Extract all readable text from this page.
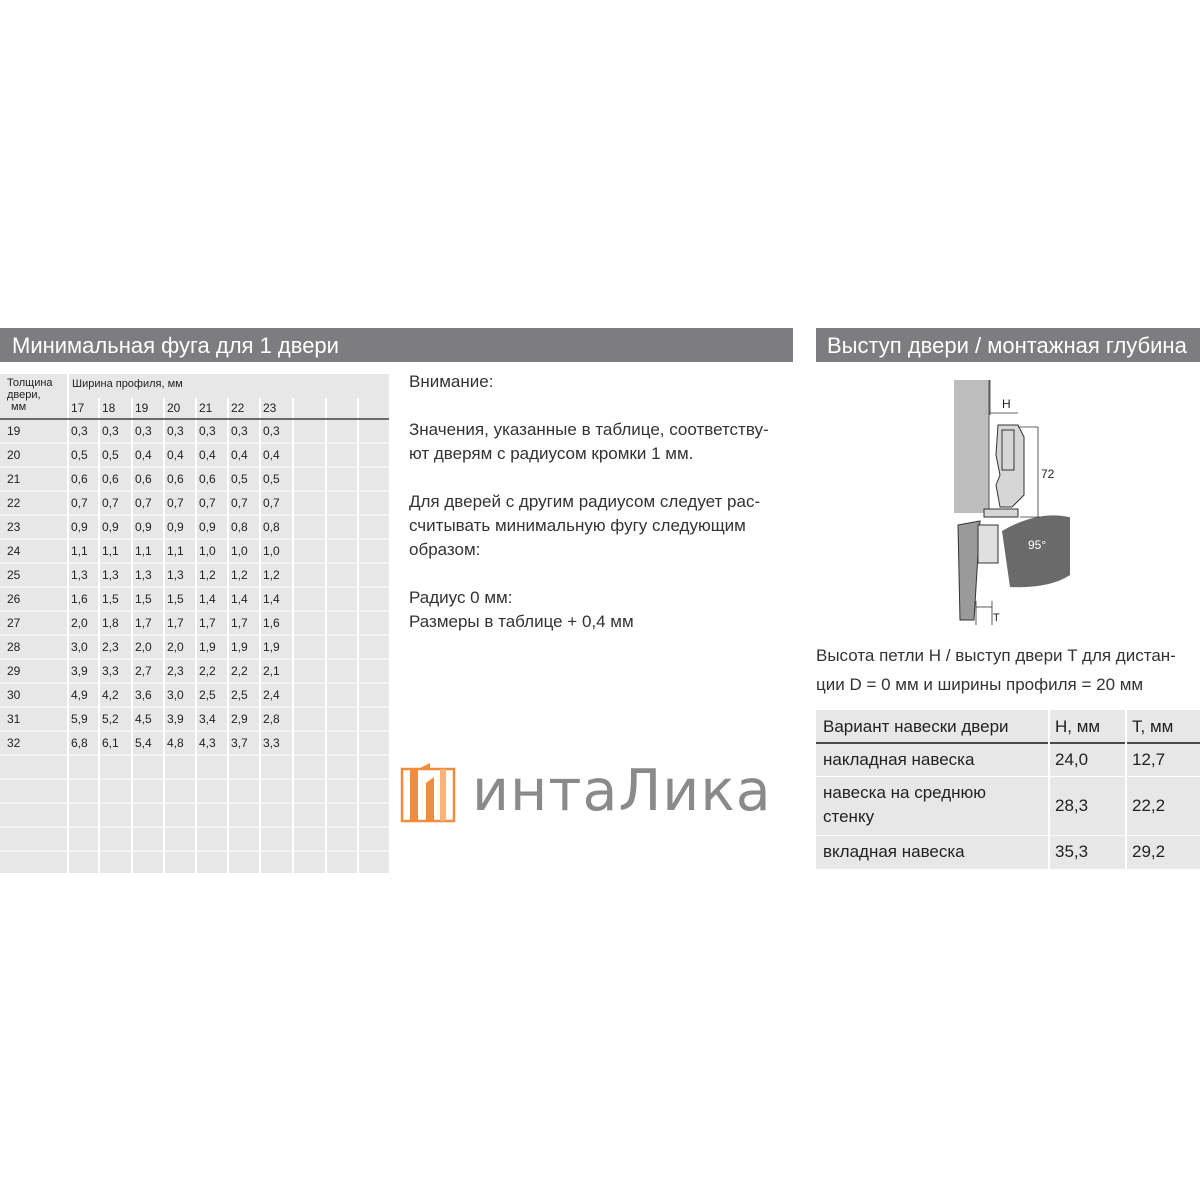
Минимальная фуга для 1 двери	Выступ двери / монтажная глубина
Толщина
двери,
мм
Ширина профиля, мм
17 18 19 20 21 22 23
19	0,3 0,3 0,3 0,3 0,3 0,3 0,3
20	0,5 0,5 0,4 0,4 0,4 0,4 0,4
21	0,6 0,6 0,6 0,6 0,6 0,5 0,5
22	0,7 0,7 0,7 0,7 0,7 0,7 0,7
23	0,9 0,9 0,9 0,9 0,9 0,8 0,8
24	1,1 1,1 1,1 1,1 1,0 1,0 1,0
25	1,3 1,3 1,3 1,3 1,2 1,2 1,2
26	1,6 1,5 1,5 1,5 1,4 1,4 1,4
27	2,0 1,8 1,7 1,7 1,7 1,7 1,6
28	3,0 2,3 2,0 2,0 1,9 1,9 1,9
29	3,9 3,3 2,7 2,3 2,2 2,2 2,1
30	4,9 4,2 3,6 3,0 2,5 2,5 2,4
31	5,9 5,2 4,5 3,9 3,4 2,9 2,8
32	6,8 6,1 5,4 4,8 4,3 3,7 3,3

Внимание:

Значения, указанные в таблице, соответству-
ют дверям с радиусом кромки 1 мм.

Для дверей с другим радиусом следует рас-
считывать минимальную фугу следующим
образом:

Радиус 0 мм:
Размеры в таблице + 0,4 мм

интаЛика
H
72
95°
T
Высота петли H / выступ двери T для дистан-
ции D = 0 мм и ширины профиля = 20 мм
Вариант навески двери	H, мм T, мм
накладная навеска	24,0	12,7
навеска на среднюю
стенку
28,3	22,2
вкладная навеска	35,3	29,2
